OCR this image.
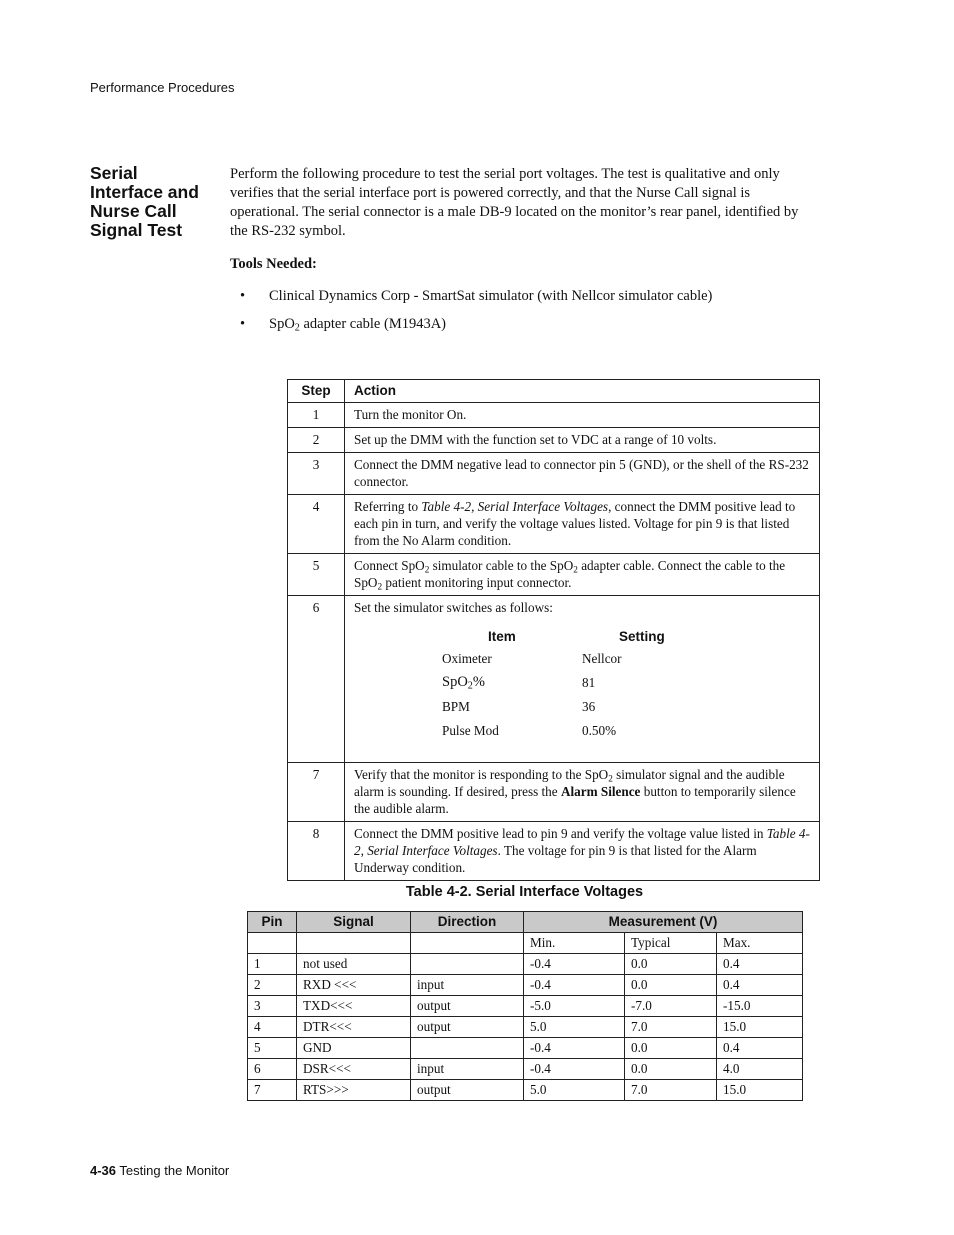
Performance Procedures
Serial Interface and Nurse Call Signal Test

Perform the following procedure to test the serial port voltages. The test is qualitative and only verifies that the serial interface port is powered correctly, and that the Nurse Call signal is operational. The serial connector is a male DB-9 located on the monitor’s rear panel, identified by the RS-232 symbol.

Tools Needed:
• Clinical Dynamics Corp - SmartSat simulator (with Nellcor simulator cable)
• SpO$_2$ adapter cable (M1943A)
Step	Action
1	Turn the monitor On.
2	Set up the DMM with the function set to VDC at a range of 10 volts.
3	Connect the DMM negative lead to connector pin 5 (GND), or the shell of the RS-232 connector.
4	Referring to Table 4-2, Serial Interface Voltages, connect the DMM positive lead to each pin in turn, and verify the voltage values listed. Voltage for pin 9 is that listed from the No Alarm condition.
5	Connect SpO$_2$ simulator cable to the SpO$_2$ adapter cable. Connect the cable to the SpO$_2$ patient monitoring input connector.
6	Set the simulator switches as follows:
Item	Setting
Oximeter	Nellcor
SpO$_2$%	81
BPM	36
Pulse Mod	0.50%

7	Verify that the monitor is responding to the SpO$_2$ simulator signal and the audible alarm is sounding. If desired, press the Alarm Silence button to temporarily silence the audible alarm.
8	Connect the DMM positive lead to pin 9 and verify the voltage value listed in Table 4-2, Serial Interface Voltages. The voltage for pin 9 is that listed for the Alarm Underway condition.
Table 4-2. Serial Interface Voltages
Pin	Signal	Direction	Measurement (V)		
			Min.	Typical	Max.
1	not used		-0.4	0.0	0.4
2	RXD <<<	input	-0.4	0.0	0.4
3	TXD<<<	output	-5.0	-7.0	-15.0
4	DTR<<<	output	5.0	7.0	15.0
5	GND		-0.4	0.0	0.4
6	DSR<<<	input	-0.4	0.0	4.0
7	RTS>>>	output	5.0	7.0	15.0
4-36 Testing the Monitor
